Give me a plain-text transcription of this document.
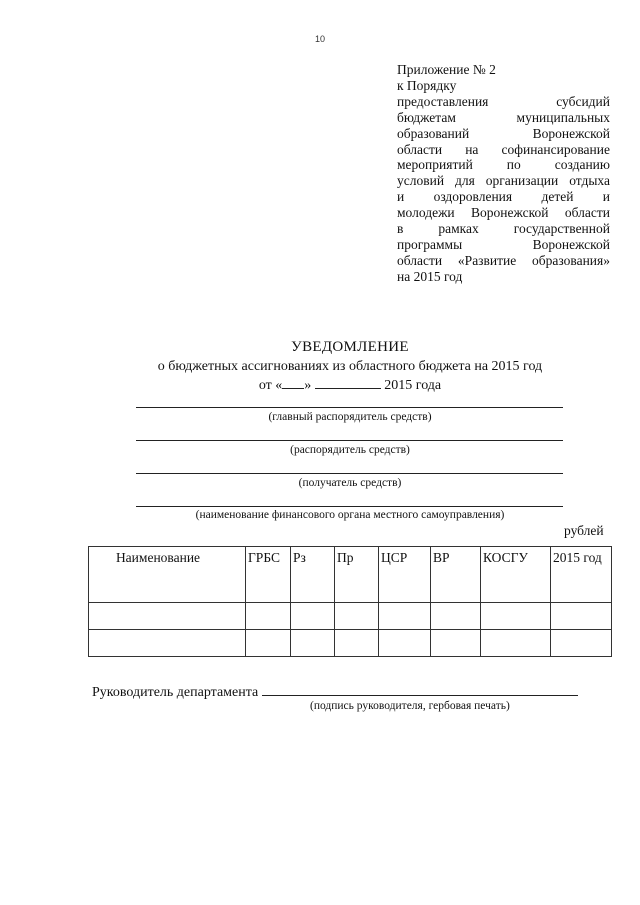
10
Приложение № 2
к Порядку
предоставления субсидий
бюджетам муниципальных
образований Воронежской
области на софинансирование
мероприятий по созданию
условий для организации отдыха
и оздоровления детей и
молодежи Воронежской области
в рамках государственной
программы Воронежской
области «Развитие образования»
на 2015 год
УВЕДОМЛЕНИЕ
о бюджетных ассигнованиях из областного бюджета на 2015 год
от « »	2015 года
(главный распорядитель средств)
(распорядитель средств)
(получатель средств)
(наименование финансового органа местного самоуправления)
рублей
Наименование	ГРБС	Рз	Пр	ЦСР	ВР	КОСГУ	2015 год

Руководитель департамента
(подпись руководителя, гербовая печать)
